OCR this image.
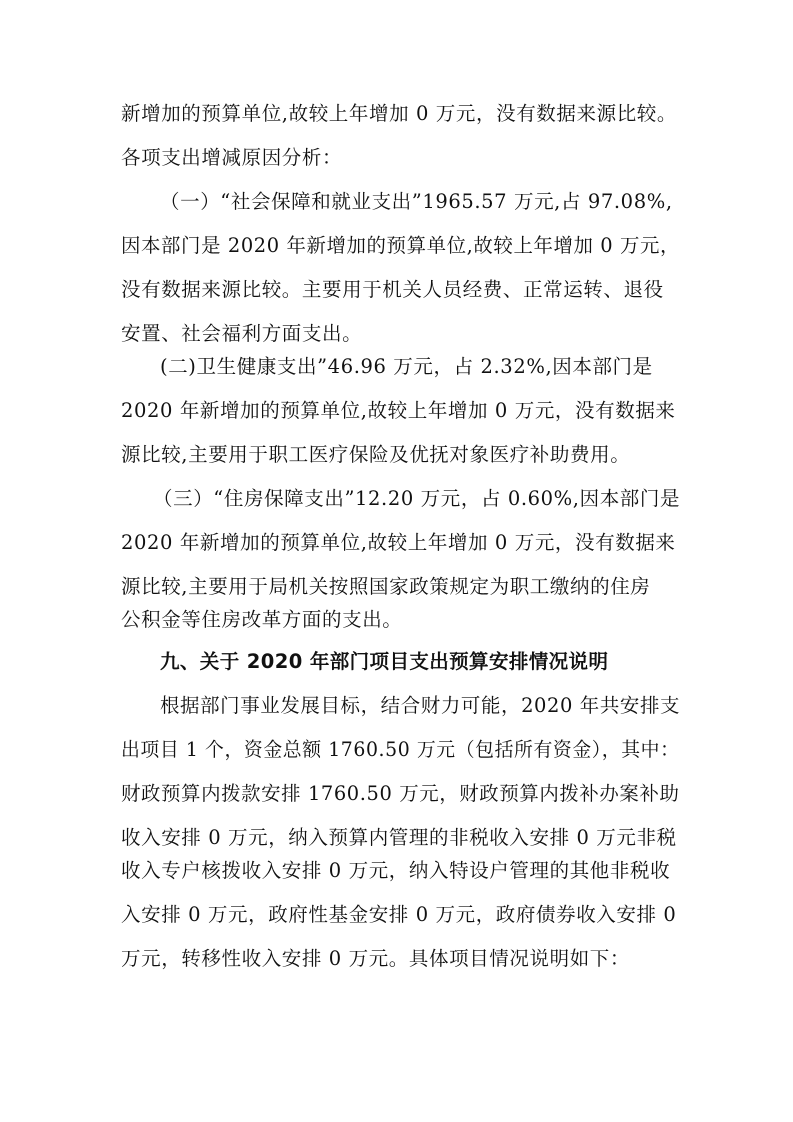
新增加的预算单位,故较上年增加 0 万元，没有数据来源比较。
各项支出增减原因分析：
（一）“社会保障和就业支出”1965.57 万元,占 97.08%,
因本部门是 2020 年新增加的预算单位,故较上年增加 0 万元，
没有数据来源比较。主要用于机关人员经费、正常运转、退役
安置、社会福利方面支出。
(二)卫生健康支出”46.96 万元，占 2.32%,因本部门是
2020 年新增加的预算单位,故较上年增加 0 万元，没有数据来
源比较,主要用于职工医疗保险及优抚对象医疗补助费用。
（三）“住房保障支出”12.20 万元，占 0.60%,因本部门是
2020 年新增加的预算单位,故较上年增加 0 万元，没有数据来
源比较,主要用于局机关按照国家政策规定为职工缴纳的住房
公积金等住房改革方面的支出。
九、关于 2020 年部门项目支出预算安排情况说明
根据部门事业发展目标，结合财力可能，2020 年共安排支
出项目 1 个，资金总额 1760.50 万元（包括所有资金），其中：
财政预算内拨款安排 1760.50 万元，财政预算内拨补办案补助
收入安排 0 万元，纳入预算内管理的非税收入安排 0 万元非税
收入专户核拨收入安排 0 万元，纳入特设户管理的其他非税收
入安排 0 万元，政府性基金安排 0 万元，政府债券收入安排 0
万元，转移性收入安排 0 万元。具体项目情况说明如下：
